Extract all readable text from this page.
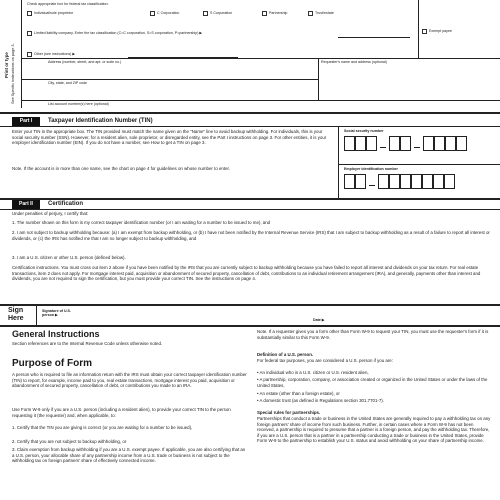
Print or type See Specific Instructions on page 3.
Check appropriate box for federal tax classification:
Individual/sole proprietor	C Corporation	S Corporation	Partnership	Trust/estate
Limited liability company. Enter the tax classification (C=C corporation, S=S corporation, P=partnership) ▶	Exempt payee
Other (see instructions) ▶
Address (number, street, and apt. or suite no.)	Requester's name and address (optional)
City, state, and ZIP code
List account number(s) here (optional)
Part I	Taxpayer Identification Number (TIN)
Enter your TIN in the appropriate box. The TIN provided must match the name given on the "Name" line to avoid backup withholding. For individuals, this is your social security number (SSN). However, for a resident alien, sole proprietor, or disregarded entity, see the Part I instructions on page 3. For other entities, it is your employer identification number (EIN). If you do not have a number, see How to get a TIN on page 3.
Note. If the account is in more than one name, see the chart on page 4 for guidelines on whose number to enter.
Social security number
Employer identification number
Part II	Certification
Under penalties of perjury, I certify that:
1. The number shown on this form is my correct taxpayer identification number (or I am waiting for a number to be issued to me), and
2. I am not subject to backup withholding because: (a) I am exempt from backup withholding, or (b) I have not been notified by the Internal Revenue Service (IRS) that I am subject to backup withholding as a result of a failure to report all interest or dividends, or (c) the IRS has notified me that I am no longer subject to backup withholding, and
3. I am a U.S. citizen or other U.S. person (defined below).
Certification instructions. You must cross out item 2 above if you have been notified by the IRS that you are currently subject to backup withholding because you have failed to report all interest and dividends on your tax return. For real estate transactions, item 2 does not apply. For mortgage interest paid, acquisition or abandonment of secured property, cancellation of debt, contributions to an individual retirement arrangement (IRA), and generally, payments other than interest and dividends, you are not required to sign the certification, but you must provide your correct TIN. See the instructions on page 4.
Sign
Here
Signature of U.S. person ▶
Date ▶
General Instructions
Section references are to the Internal Revenue Code unless otherwise noted.
Purpose of Form
A person who is required to file an information return with the IRS must obtain your correct taxpayer identification number (TIN) to report, for example, income paid to you, real estate transactions, mortgage interest you paid, acquisition or abandonment of secured property, cancellation of debt, or contributions you made to an IRA.
Use Form W-9 only if you are a U.S. person (including a resident alien), to provide your correct TIN to the person requesting it (the requester) and, when applicable, to:
1. Certify that the TIN you are giving is correct (or you are waiting for a number to be issued),
2. Certify that you are not subject to backup withholding, or
3. Claim exemption from backup withholding if you are a U.S. exempt payee. If applicable, you are also certifying that as a U.S. person, your allocable share of any partnership income from a U.S. trade or business is not subject to the withholding tax on foreign partners' share of effectively connected income.
Note. If a requester gives you a form other than Form W-9 to request your TIN, you must use the requester's form if it is substantially similar to this Form W-9.
Definition of a U.S. person.
For federal tax purposes, you are considered a U.S. person if you are:
• An individual who is a U.S. citizen or U.S. resident alien,
• A partnership, corporation, company, or association created or organized in the United States or under the laws of the United States,
• An estate (other than a foreign estate), or
• A domestic trust (as defined in Regulations section 301.7701-7).
Special rules for partnerships.
Partnerships that conduct a trade or business in the United States are generally required to pay a withholding tax on any foreign partners' share of income from such business. Further, in certain cases where a Form W-9 has not been received, a partnership is required to presume that a partner is a foreign person, and pay the withholding tax. Therefore, if you are a U.S. person that is a partner in a partnership conducting a trade or business in the United States, provide Form W-9 to the partnership to establish your U.S. status and avoid withholding on your share of partnership income.
